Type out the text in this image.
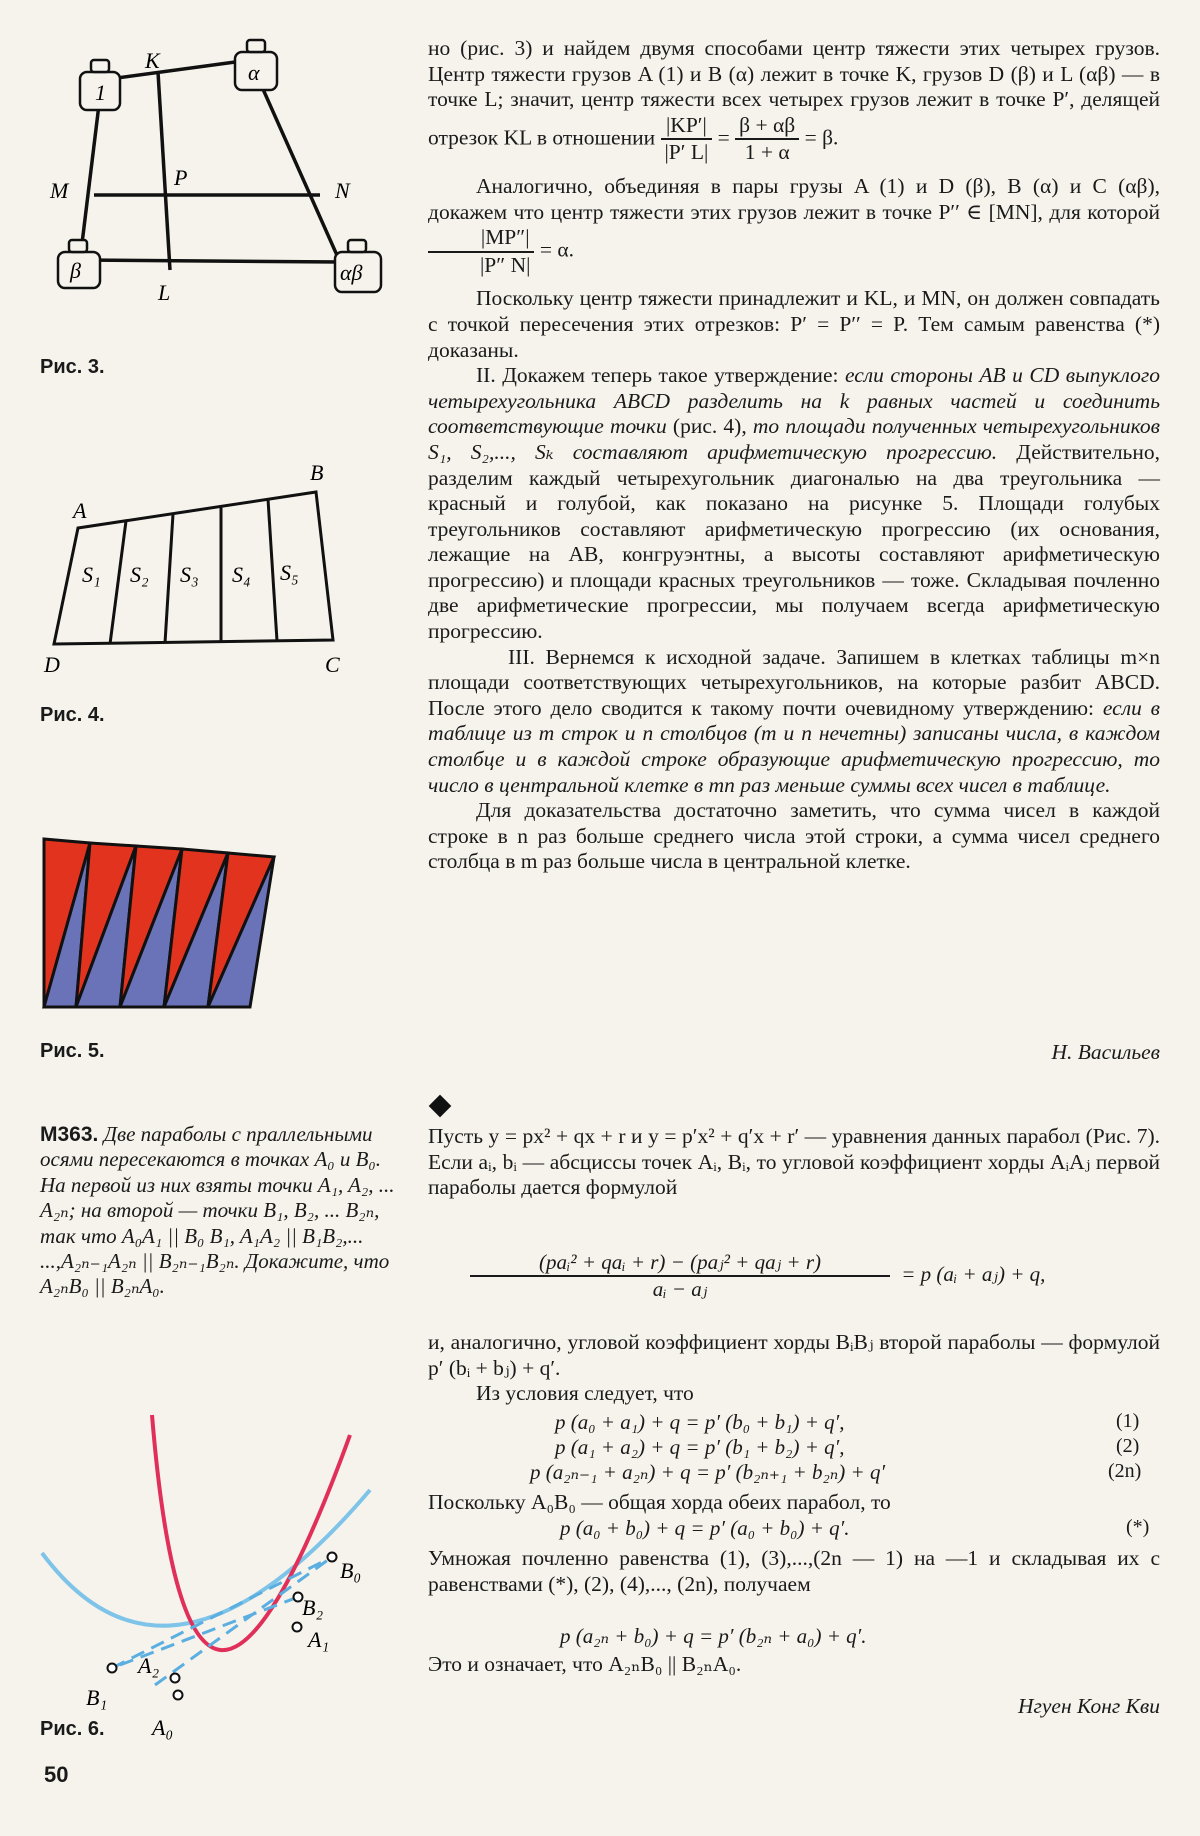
1
α
β	αβ
K
L
M	N
P
Рис. 3.
A
B
C
D
S₁ S₂ S₃ S₄ S₅
Рис. 4.
Рис. 5.
B₀
B₂
A₁
A₂
B₁
A₀
Рис. 6.

но (рис. 3) и найдем двумя способами центр тяжести этих четырех грузов. Центр тяжести грузов A (1) и B (α) лежит в точке K, грузов D (β) и L (αβ) — в точке L; значит, центр тяжести всех четырех грузов лежит в точке P′, делящей отрезок KL в отношении $\frac{|KP'|}{|P' L|} = \frac{\beta + \alpha\beta}{1 + \alpha} = \beta$.

Аналогично, объединяя в пары грузы A (1) и D (β), B (α) и C (αβ), докажем что центр тяжести этих грузов лежит в точке P′′ ∈ [MN], для которой
$\frac{|MP''|}{|P'' N|} = \alpha$.

Поскольку центр тяжести принадлежит и KL, и MN, он должен совпадать с точкой пересечения этих отрезков: P′ = P′′ = P. Тем самым равенства (*) доказаны.

II. Докажем теперь такое утверждение: если стороны AB и CD выпуклого четырехугольника ABCD разделить на k равных частей и соединить соответствующие точки (рис. 4), то площади полученных четырехугольников S₁, S₂,..., Sₖ составляют арифметическую прогрессию. Действительно, разделим каждый четырехугольник диагональю на два треугольника — красный и голубой, как показано на рисунке 5. Площади голубых треугольников составляют арифметическую прогрессию (их основания, лежащие на AB, конгруэнтны, а высоты составляют арифметическую прогрессию) и площади красных треугольников — тоже. Складывая почленно две арифметические прогрессии, мы получаем всегда арифметическую прогрессию.

III. Вернемся к исходной задаче. Запишем в клетках таблицы m×n площади соответствующих четырехугольников, на которые разбит ABCD. После этого дело сводится к такому почти очевидному утверждению: если в таблице из m строк и n столбцов (m и n нечетны) записаны числа, в каждом столбце и в каждой строке образующие арифметическую прогрессию, то число в центральной клетке в mn раз меньше суммы всех чисел в таблице.

Для доказательства достаточно заметить, что сумма чисел в каждой строке в n раз больше среднего числа этой строки, а сумма чисел среднего столбца в m раз больше числа в центральной клетке.

Н. Васильев
М363. Две параболы с nраллельными осями пересекаются в точках A₀ и B₀. На первой из них взяты точки A₁, A₂, ... A₂ₙ; на второй — точки B₁, B₂, ... B₂ₙ, так что A₀A₁ || B₀ B₁, A₁A₂ || B₁B₂,... ...,A₂ₙ₋₁A₂ₙ || B₂ₙ₋₁B₂ₙ. Докажите, что A₂ₙB₀ || B₂ₙA₀.

Пусть y = px² + qx + r и y = p′x² + q′x + r′ — уравнения данных парабол (Рис. 7). Если aᵢ, bᵢ — абсциссы точек Aᵢ, Bᵢ, то угловой коэффициент хорды AᵢAⱼ первой параболы дается формулой

$\frac{\text{(paᵢ² + qaᵢ + r) − (paⱼ² + qaⱼ + r)}}{\text{aᵢ − aⱼ}} = p$ (aᵢ + aⱼ) + q,

и, аналогично, угловой коэффициент хорды BᵢBⱼ второй параболы — формулой p′ (bᵢ + bⱼ) + q′.

Из условия следует, что

p (a₀ + a₁) + q = p′ (b₀ + b₁) + q′,	(1)
p (a₁ + a₂) + q = p′ (b₁ + b₂) + q′,	(2)
p (a₂ₙ₋₁ + a₂ₙ) + q = p′ (b₂ₙ₊₁ + b₂ₙ) + q′	(2n)

Поскольку A₀B₀ — общая хорда обеих парабол, то

p (a₀ + b₀) + q = p′ (a₀ + b₀) + q′.	(*)

Умножая почленно равенства (1), (3),...,(2n — 1) на —1 и складывая их с равенствами (*), (2), (4),..., (2n), получаем

p (a₂ₙ + b₀) + q = p′ (b₂ₙ + a₀) + q′.

Это и означает, что A₂ₙB₀ || B₂ₙA₀.

Нгуен Конг Кви
50
